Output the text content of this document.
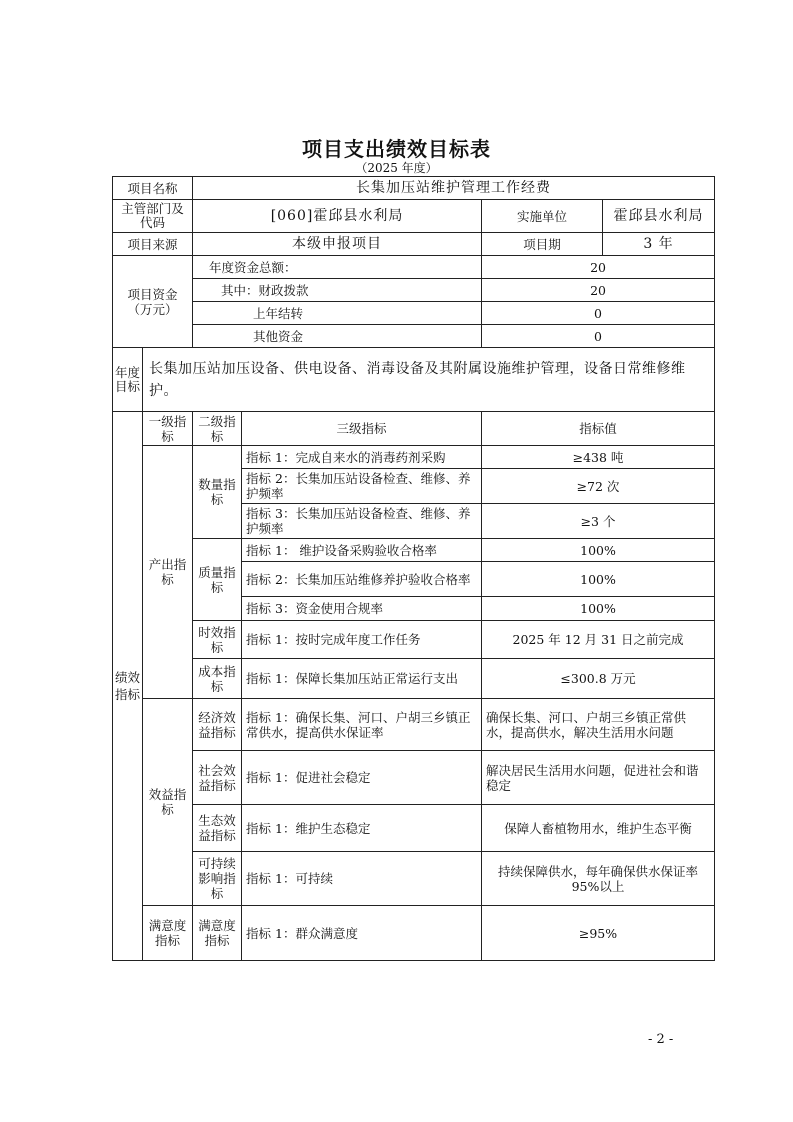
项目支出绩效目标表
（2025 年度）
项目名称		长集加压站维护管理工作经费			
主管部门及代码		[060]霍邱县水利局		实施单位	霍邱县水利局
项目来源		本级申报项目		项目期	3 年
项目资金（万元）		年度资金总额：		20	
		其中：财政拨款		20	
		上年结转		0	
		其他资金		0	
年度目标	长集加压站加压设备、供电设备、消毒设备及其附属设施维护管理，设备日常维修维护。				
绩效指标	一级指标	二级指标	三级指标	指标值	
	产出指标	数量指标	指标 1：完成自来水的消毒药剂采购	≥438 吨	
			指标 2：长集加压站设备检查、维修、养护频率	≥72 次	
			指标 3：长集加压站设备检查、维修、养护频率	≥3 个	
		质量指标	指标 1： 维护设备采购验收合格率	100%	
			指标 2：长集加压站维修养护验收合格率	100%	
			指标 3：资金使用合规率	100%	
		时效指标	指标 1：按时完成年度工作任务	2025 年 12 月 31 日之前完成	
		成本指标	指标 1：保障长集加压站正常运行支出	≤300.8 万元	
	效益指标	经济效益指标	指标 1：确保长集、河口、户胡三乡镇正常供水，提高供水保证率	确保长集、河口、户胡三乡镇正常供水，提高供水，解决生活用水问题	
		社会效益指标	指标 1：促进社会稳定	解决居民生活用水问题，促进社会和谐稳定	
		生态效益指标	指标 1：维护生态稳定	保障人畜植物用水，维护生态平衡	
		可持续影响指标	指标 1：可持续	持续保障供水，每年确保供水保证率95%以上	
	满意度指标	满意度指标	指标 1：群众满意度	≥95%	
- 2 -
